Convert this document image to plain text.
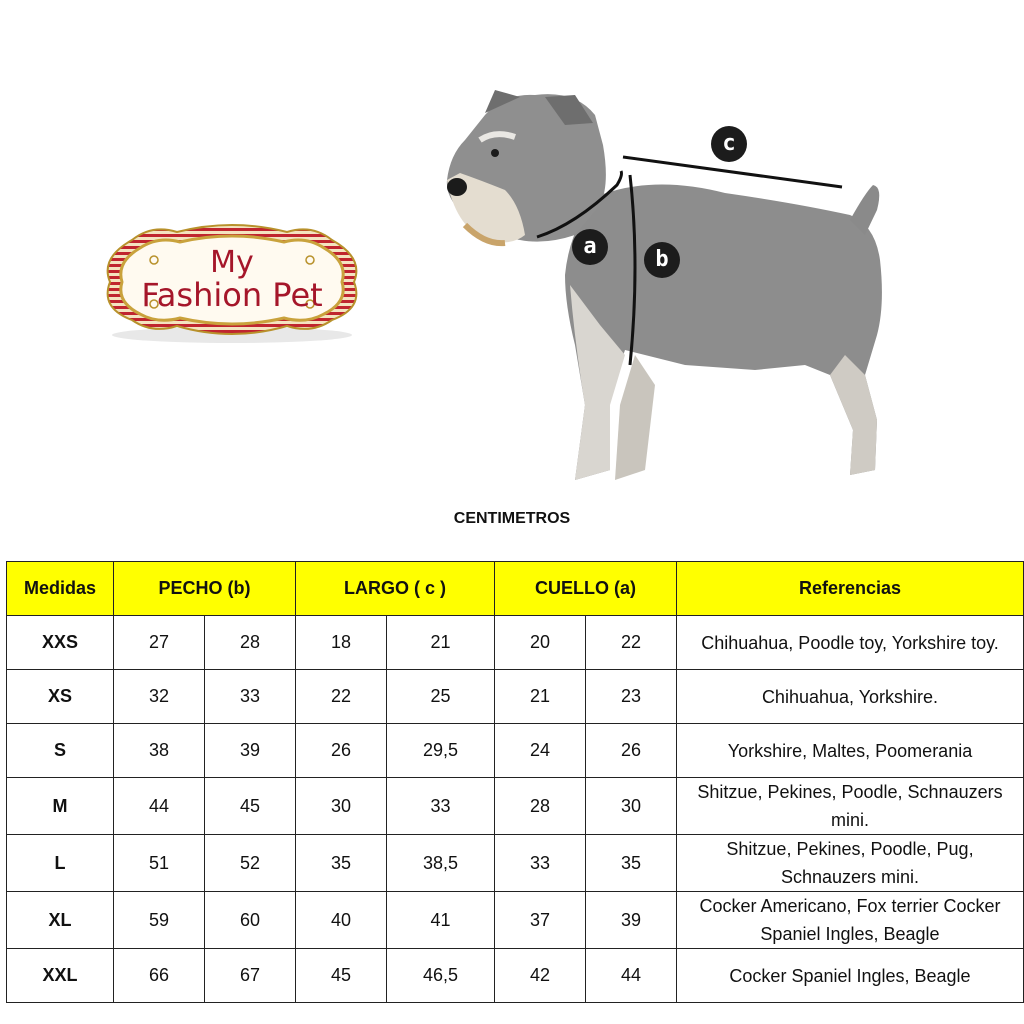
My
Fashion Pet
a
b
c
CENTIMETROS
Medidas	PECHO (b)		LARGO ( c )		CUELLO (a)		Referencias
XXS	27	28	18	21	20	22	Chihuahua, Poodle toy, Yorkshire toy.
XS	32	33	22	25	21	23	Chihuahua, Yorkshire.
S	38	39	26	29,5	24	26	Yorkshire, Maltes, Poomerania
M	44	45	30	33	28	30	Shitzue, Pekines, Poodle, Schnauzers mini.
L	51	52	35	38,5	33	35	Shitzue, Pekines, Poodle, Pug, Schnauzers mini.
XL	59	60	40	41	37	39	Cocker Americano, Fox terrier Cocker Spaniel Ingles, Beagle
XXL	66	67	45	46,5	42	44	Cocker Spaniel Ingles, Beagle
